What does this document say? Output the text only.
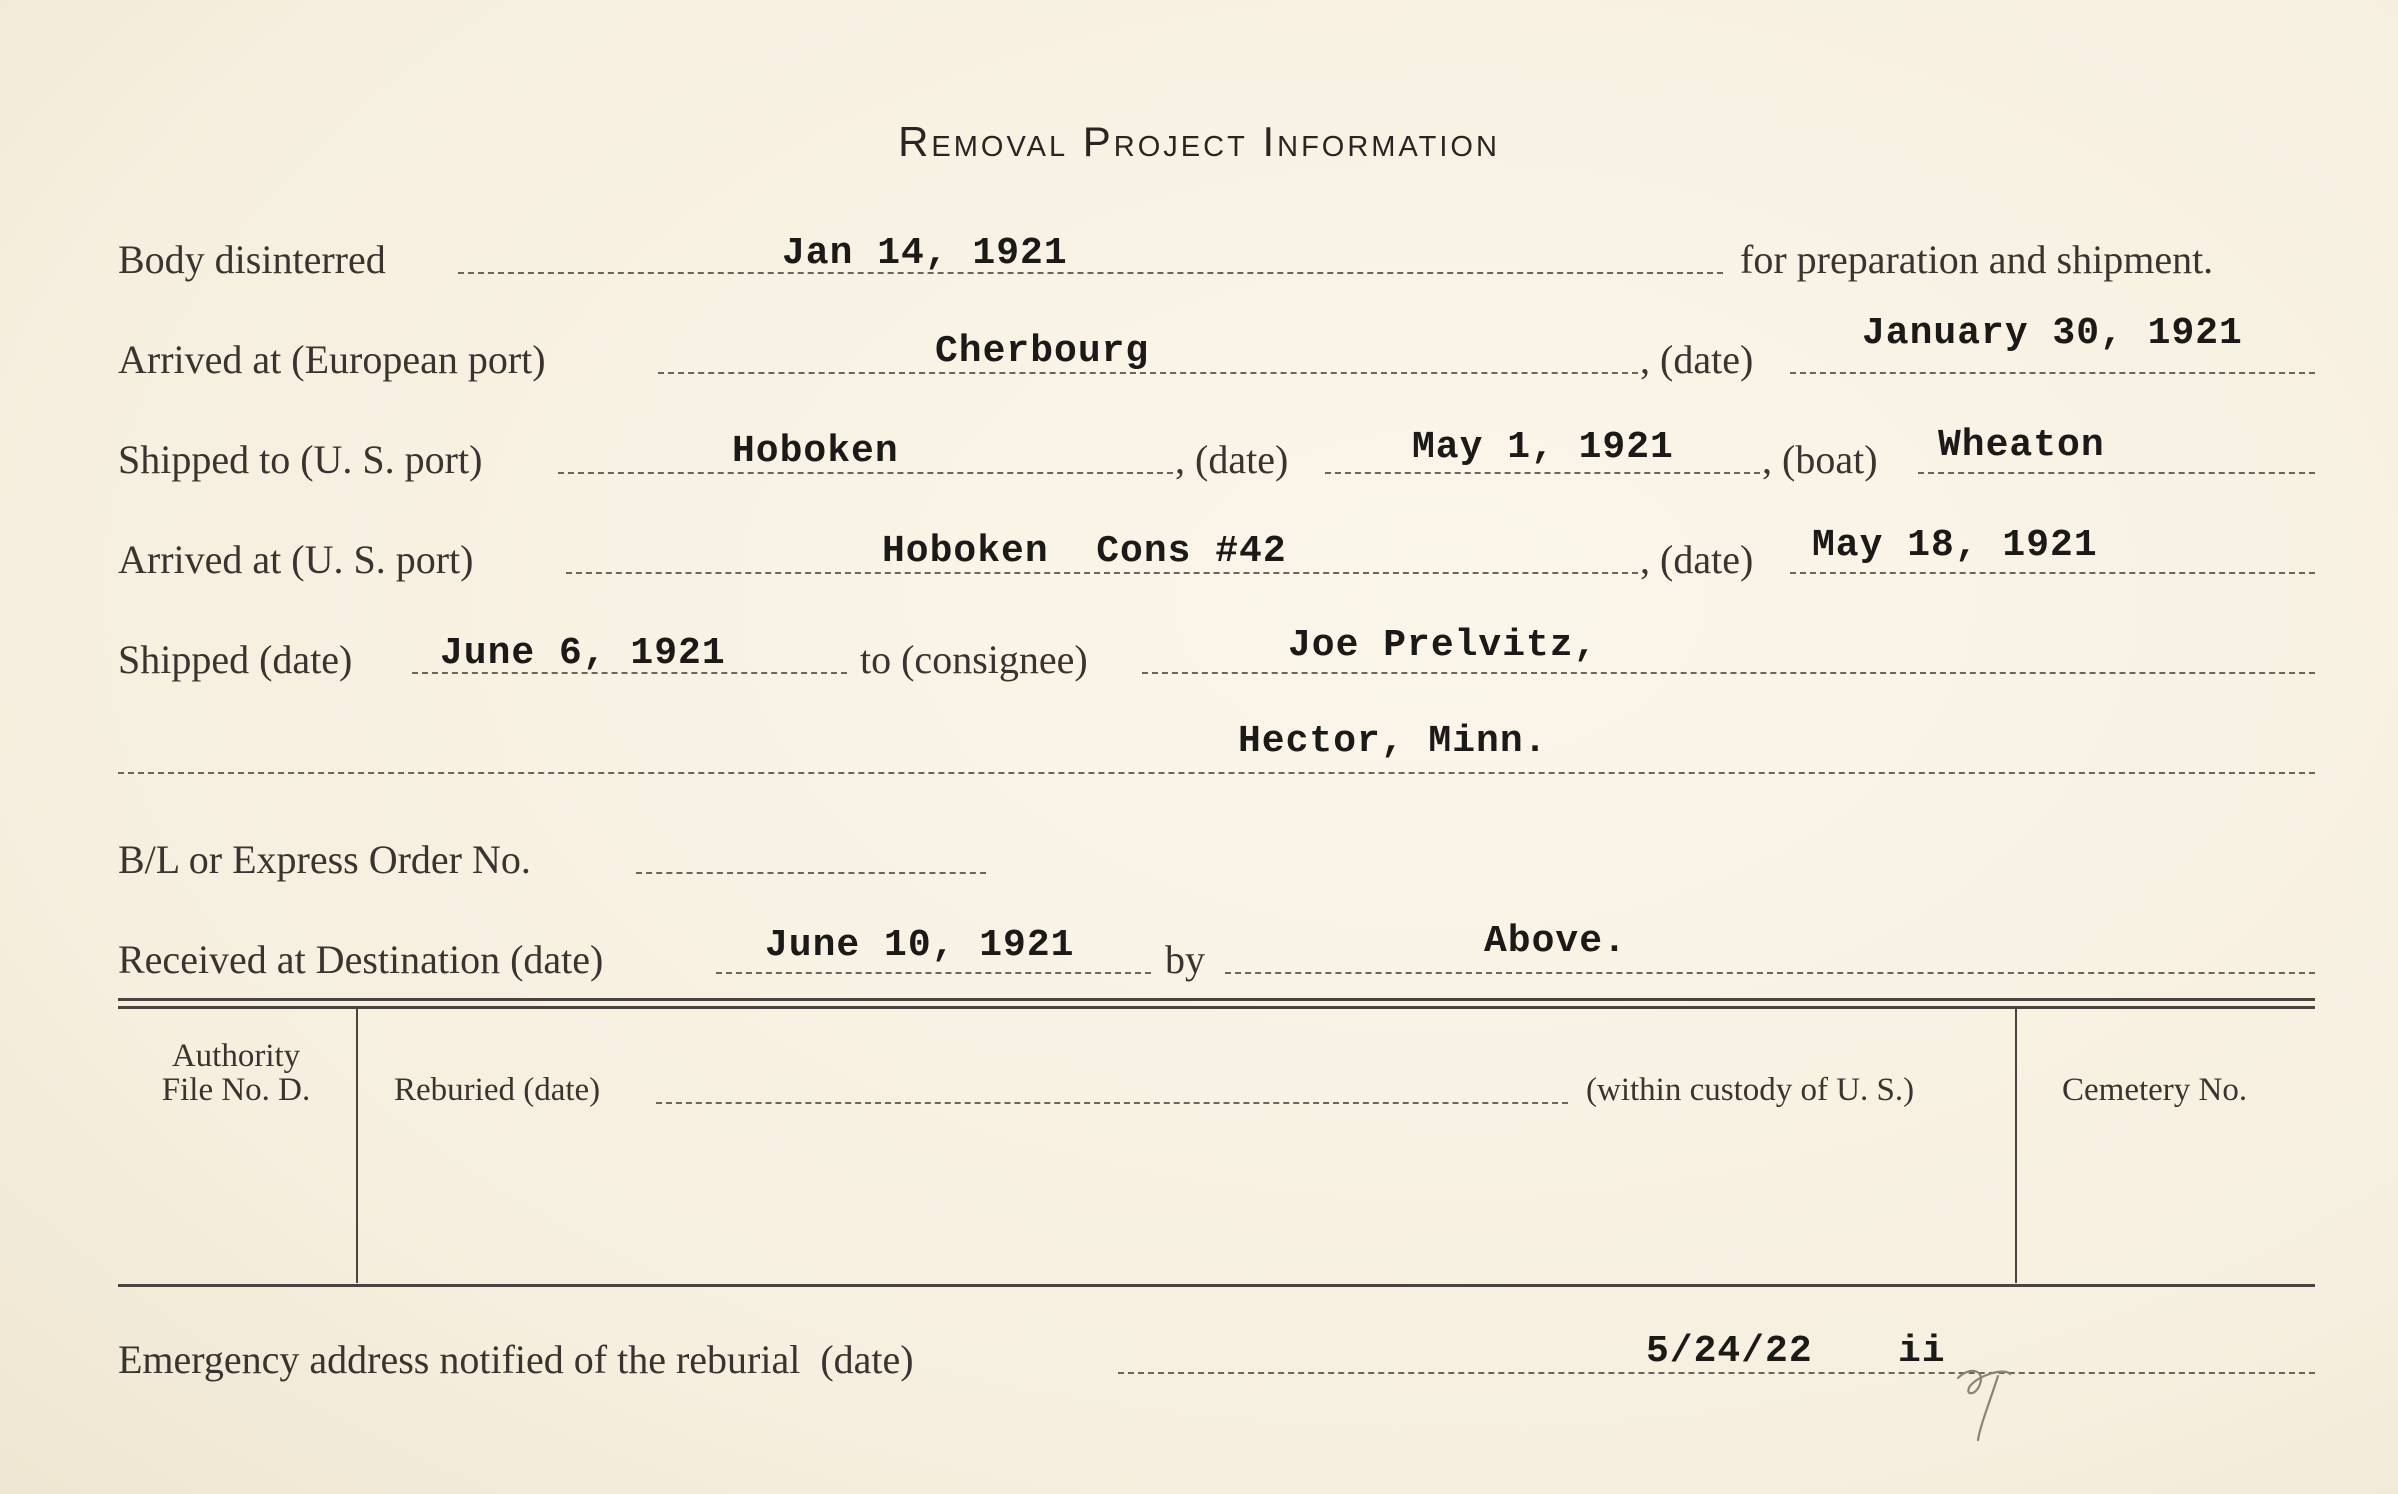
Removal Project Information
Body disinterred	Jan 14, 1921	for preparation and shipment.
Arrived at (European port)	Cherbourg	, (date)
January 30, 1921
Shipped to (U. S. port)	Hoboken	, (date)	May 1, 1921 , (boat) Wheaton
Arrived at (U. S. port)	Hoboken  Cons #42	, (date) May 18, 1921
Shipped (date) June 6, 1921	to (consignee)	Joe Prelvitz,
Hector, Minn.
B/L or Express Order No.
Received at Destination (date)	June 10, 1921 by	Above.
Authority
File No. D.	Reburied (date)	(within custody of U. S.)	Cemetery No.
Emergency address notified of the reburial  (date)	5/24/22 ii
